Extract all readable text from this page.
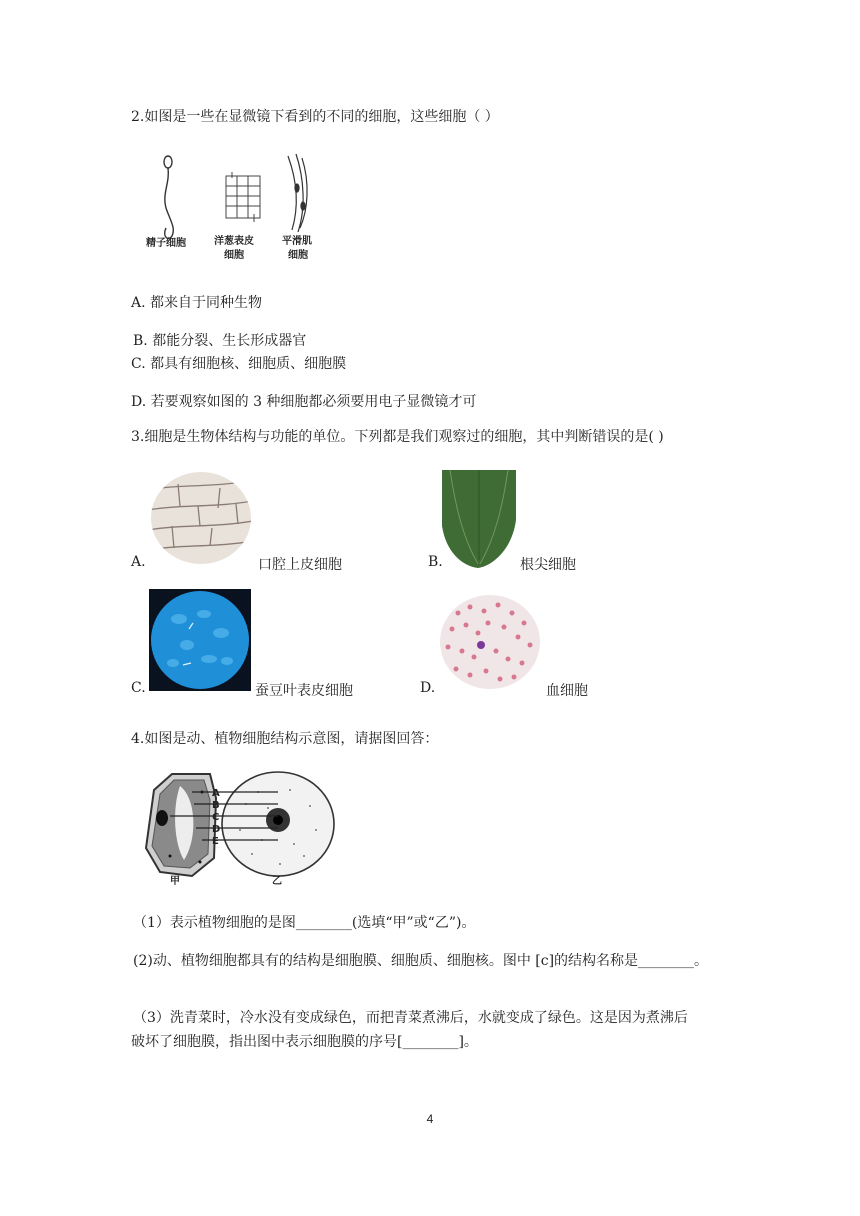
2.如图是一些在显微镜下看到的不同的细胞，这些细胞（ ）
精子细胞	洋葱表皮
细胞
平滑肌
细胞
A. 都来自于同种生物
B. 都能分裂、生长形成器官
C. 都具有细胞核、细胞质、细胞膜
D. 若要观察如图的 3 种细胞都必须要用电子显微镜才可
3.细胞是生物体结构与功能的单位。下列都是我们观察过的细胞，其中判断错误的是( )
A.	口腔上皮细胞	B.	根尖细胞
C.	蚕豆叶表皮细胞	D.	血细胞
4.如图是动、植物细胞结构示意图，请据图回答：
A
B
C
D
E
甲	乙
（1）表示植物细胞的是图________(选填“甲”或“乙”)。
(2)动、植物细胞都具有的结构是细胞膜、细胞质、细胞核。图中 [c]的结构名称是________。
（3）洗青菜时，冷水没有变成绿色，而把青菜煮沸后，水就变成了绿色。这是因为煮沸后
破坏了细胞膜，指出图中表示细胞膜的序号[________]。
4
